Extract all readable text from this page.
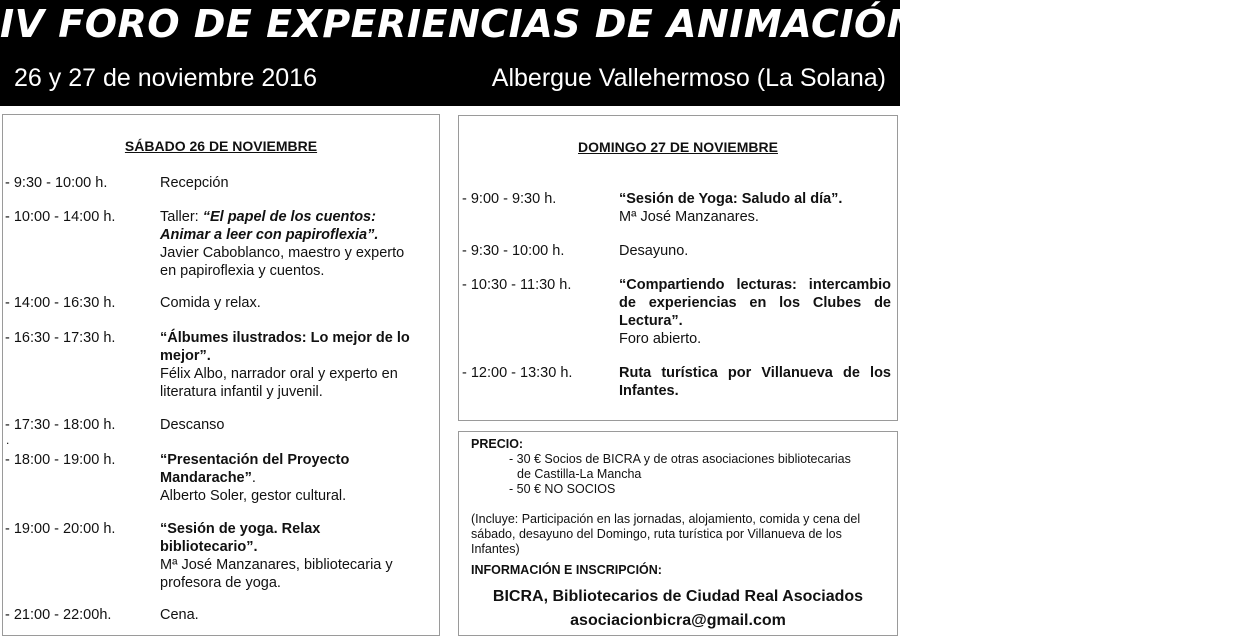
IV FORO DE EXPERIENCIAS DE ANIMACIÓN A LA LECTURA
26 y 27 de noviembre 2016	Albergue Vallehermoso (La Solana)
SÁBADO 26 DE NOVIEMBRE
- 9:30 - 10:00 h.	Recepción
- 10:00 - 14:00 h.	Taller: “El papel de los cuentos:
Animar a leer con papiroflexia”.
Javier Caboblanco, maestro y experto
en papiroflexia y cuentos.
- 14:00 - 16:30 h.	Comida y relax.
- 16:30 - 17:30 h.	“Álbumes ilustrados: Lo mejor de lo
mejor”.
Félix Albo, narrador oral y experto en
literatura infantil y juvenil.
- 17:30 - 18:00 h.	Descanso
.
- 18:00 - 19:00 h.	“Presentación del Proyecto
Mandarache”.
Alberto Soler, gestor cultural.
- 19:00 - 20:00 h.	“Sesión de yoga. Relax
bibliotecario”.
Mª José Manzanares, bibliotecaria y
profesora de yoga.
- 21:00 - 22:00h.	Cena.
DOMINGO 27 DE NOVIEMBRE
- 9:00 - 9:30 h.	“Sesión de Yoga: Saludo al día”.
Mª José Manzanares.
- 9:30 - 10:00 h.	Desayuno.
- 10:30 - 11:30 h.	“Compartiendo lecturas: intercambio de experiencias en los Clubes de Lectura”.
Foro abierto.
- 12:00 - 13:30 h.	Ruta turística por Villanueva de los Infantes.
PRECIO:
- 30 € Socios de BICRA y de otras asociaciones bibliotecarias
de Castilla-La Mancha
- 50 € NO SOCIOS
(Incluye: Participación en las jornadas, alojamiento, comida y cena del sábado, desayuno del Domingo, ruta turística por Villanueva de los Infantes)
INFORMACIÓN E INSCRIPCIÓN:
BICRA, Bibliotecarios de Ciudad Real Asociados
asociacionbicra@gmail.com
